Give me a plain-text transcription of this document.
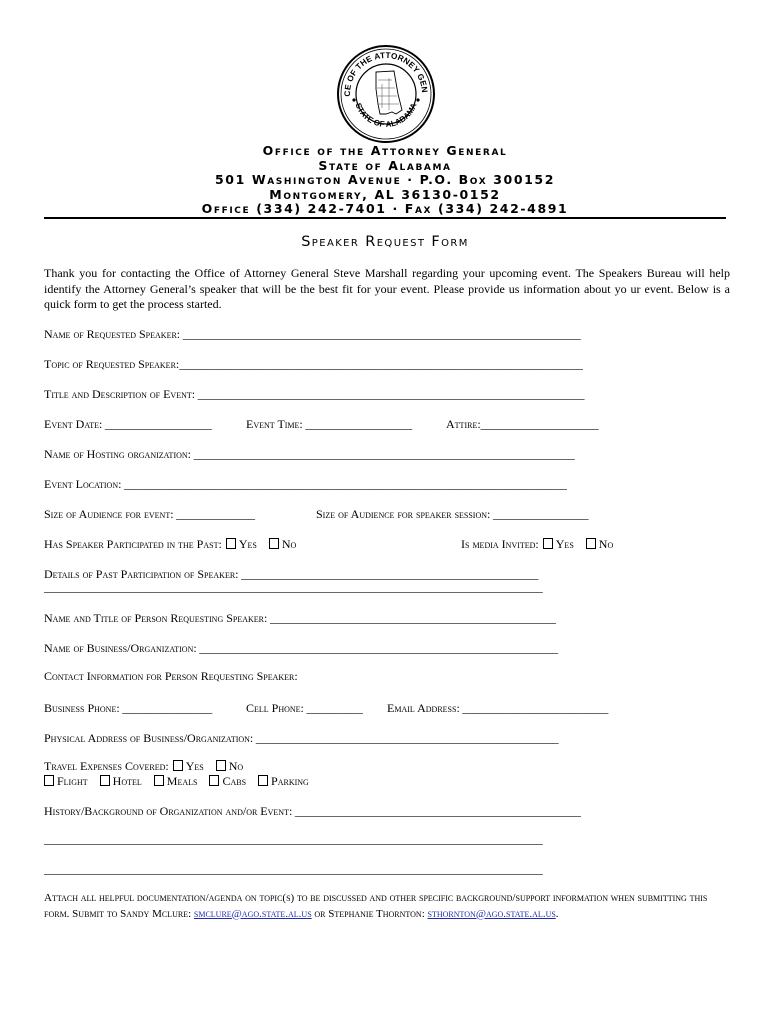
CE OF THE ATTORNEY GEN
STATE OF ALABAMA
Office of the Attorney General
State of Alabama
501 Washington Avenue · P.O. Box 300152
Montgomery, AL 36130-0152
Office (334) 242-7401 · Fax (334) 242-4891
Speaker Request Form
Thank you for contacting the Office of Attorney General Steve Marshall regarding your upcoming event. The Speakers Bureau will help identify the Attorney General’s speaker that will be the best fit for your event. Please provide us information about yo ur event. Below is a quick form to get the process started.
Name of Requested Speaker: _______________________________________________________________________
Topic of Requested Speaker:________________________________________________________________________
Title and Description of Event: _____________________________________________________________________
Event Date: ___________________	Event Time: ___________________	Attire:_____________________
Name of Hosting organization: ____________________________________________________________________
Event Location: _______________________________________________________________________________
Size of Audience for event: ______________	Size of Audience for speaker session: _________________
Has Speaker Participated in the Past: Yes No	Is media Invited: Yes No
Details of Past Participation of Speaker: _____________________________________________________
_________________________________________________________________________________________
Name and Title of Person Requesting Speaker: ___________________________________________________
Name of Business/Organization: ________________________________________________________________
Contact Information for Person Requesting Speaker:
Business Phone: ________________	Cell Phone: __________ Email Address: __________________________
Physical Address of Business/Organization: ______________________________________________________
Travel Expenses Covered: Yes No
Flight Hotel Meals Cabs Parking
History/Background of Organization and/or Event: ___________________________________________________
_________________________________________________________________________________________
_________________________________________________________________________________________
Attach all helpful documentation/agenda on topic(s) to be discussed and other specific background/support information when submitting this form. Submit to Sandy Mclure: smclure@ago.state.al.us or Stephanie Thornton: sthornton@ago.state.al.us.
